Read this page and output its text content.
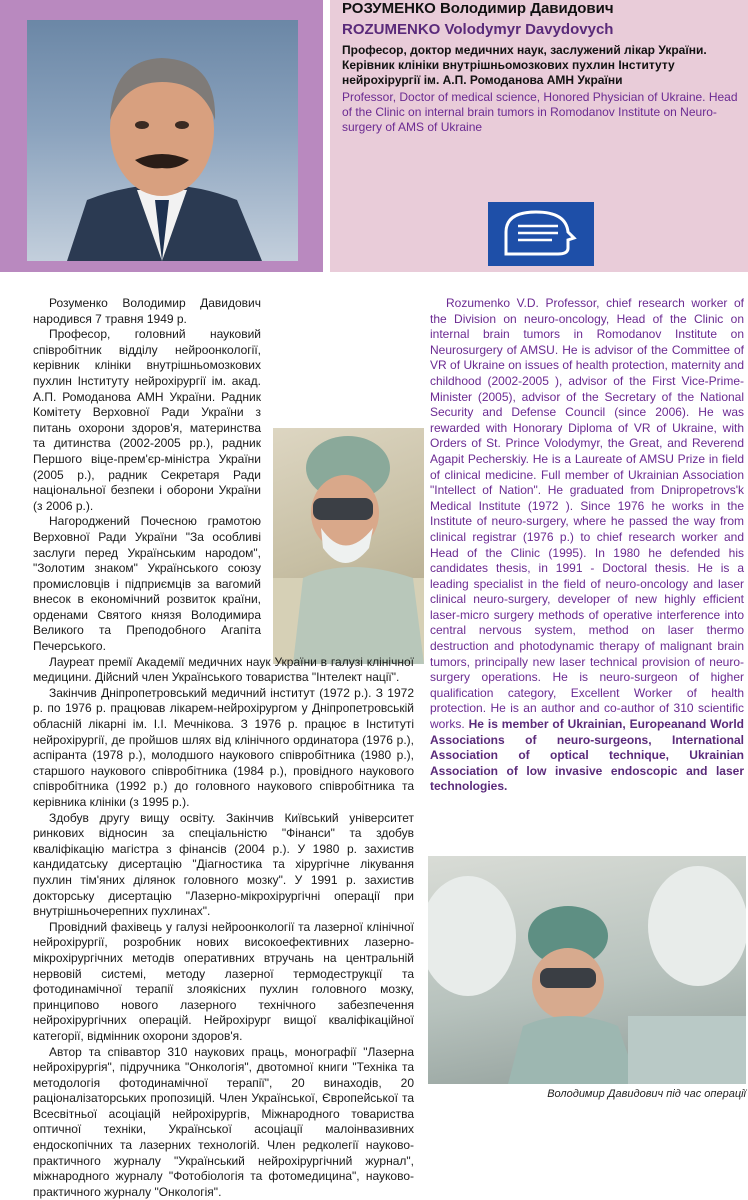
РОЗУМЕНКО Володимир Давидович
ROZUMENKO Volodymyr Davydovych
Професор, доктор медичних наук, заслужений лікар України. Керівник клініки внутрішньомозкових пухлин Інституту нейрохірургії ім. А.П. Ромоданова АМН України
Professor, Doctor of medical science, Honored Physician of Ukraine. Head of the Clinic on internal brain tumors in Romodanov Institute on Neuro-surgery of AMS of Ukraine

Розуменко Володимир Давидович народився 7 травня 1949 р.

Професор, головний науковий співробітник відділу нейроонкології, керівник клініки внутрішньомозкових пухлин Інституту нейрохірургії ім. акад. А.П. Ромоданова АМН України. Радник Комітету Верховної Ради України з питань охорони здоров'я, материнства та дитинства (2002-2005 рр.), радник Першого віце-прем'єр-міністра України (2005 р.), радник Секретаря Ради національної безпеки і оборони України (з 2006 р.).

Нагороджений Почесною грамотою Верховної Ради України "За особливі заслуги перед Українським народом", "Золотим знаком" Українського союзу промисловців і підприємців за вагомий внесок в економічний розвиток країни, орденами Святого князя Володимира Великого та Преподобного Агапіта Печерського.

Лауреат премії Академії медичних наук України в галузі клінічної медицини. Дійсний член Українського товариства "Інтелект нації".

Закінчив Дніпропетровський медичний інститут (1972 р.). З 1972 р. по 1976 р. працював лікарем-нейрохірургом у Дніпропетровській обласній лікарні ім. І.І. Мечнікова. З 1976 р. працює в Інституті нейрохірургії, де пройшов шлях від клінічного ординатора (1976 р.), аспіранта (1978 р.), молодшого наукового співробітника (1980 р.), старшого наукового співробітника (1984 р.), провідного наукового співробітника (1992 р.) до головного наукового співробітника та керівника клініки (з 1995 р.).

Здобув другу вищу освіту. Закінчив Київський університет ринкових відносин за спеціальністю "Фінанси" та здобув кваліфікацію магістра з фінансів (2004 р.). У 1980 р. захистив кандидатську дисертацію "Діагностика та хірургічне лікування пухлин тім'яних ділянок головного мозку". У 1991 р. захистив докторську дисертацію "Лазерно-мікрохірургічні операції при внутрішньочерепних пухлинах".

Провідний фахівець у галузі нейроонкології та лазерної клінічної нейрохірургії, розробник нових високоефективних лазерно-мікрохірургічних методів оперативних втручань на центральній нервовій системі, методу лазерної термодеструкції та фотодинамічної терапії злоякісних пухлин головного мозку, принципово нового лазерного технічного забезпечення нейрохірургічних операцій. Нейрохірург вищої кваліфікаційної категорії, відмінник охорони здоров'я.

Автор та співавтор 310 наукових праць, монографії "Лазерна нейрохірургія", підручника "Онкологія", двотомної книги "Техніка та методологія фотодинамічної терапії", 20 винаходів, 20 раціоналізаторських пропозицій. Член Української, Європейської та Всесвітньої асоціацій нейрохірургів, Міжнародного товариства оптичної техніки, Української асоціації малоінвазивних ендоскопічних та лазерних технологій. Член редколегії науково-практичного журналу "Український нейрохірургічний журнал", міжнародного журналу "Фотобіологія та фотомедицина", науково-практичного журналу "Онкологія".

Rozumenko V.D. Professor, chief research worker of the Division on neuro-oncology, Head of the Clinic on internal brain tumors in Romodanov Institute on Neurosurgery of AMSU. He is advisor of the Committee of VR of Ukraine on issues of health protection, maternity and childhood (2002-2005 ), advisor of the First Vice-Prime-Minister (2005), advisor of the Secretary of the National Security and Defense Council (since 2006). He was rewarded with Honorary Diploma of VR of Ukraine, with Orders of St. Prince Volodymyr, the Great, and Reverend Agapit Pecherskiy. He is a Laureate of AMSU Prize in field of clinical medicine. Full member of Ukrainian Association "Intellect of Nation". He graduated from Dnipropetrovs'k Medical Institute (1972 ). Since 1976 he works in the Institute of neuro-surgery, where he passed the way from clinical registrar (1976 p.) to chief research worker and Head of the Clinic (1995). In 1980 he defended his candidates thesis, in 1991 - Doctoral thesis. He is a leading specialist in the field of neuro-oncology and laser clinical neuro-surgery, developer of new highly efficient laser-micro surgery methods of operative interference into central nervous system, method on laser thermo destruction and photodynamic therapy of malignant brain tumors, principally new laser technical provision of neuro-surgery operations. He is neuro-surgeon of higher qualification category, Excellent Worker of health protection. He is an author and co-author of 310 scientific works. He is member of Ukrainian, Europeanand World Associations of neuro-surgeons, International Association of optical technique, Ukrainian Association of low invasive endoscopic and laser technologies.

Володимир Давидович під час операції
